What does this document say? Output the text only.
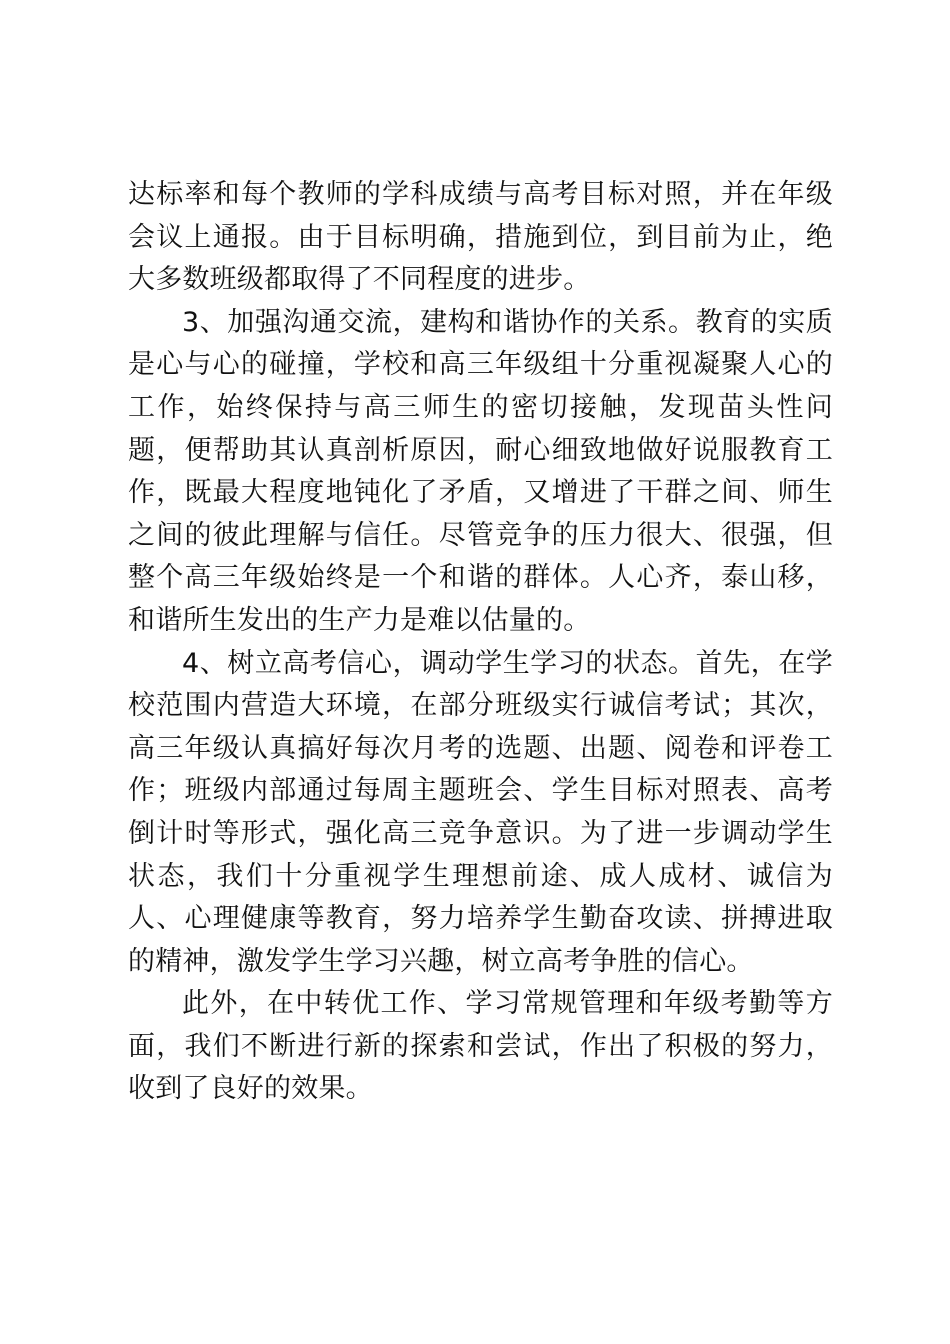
达标率和每个教师的学科成绩与高考目标对照，并在年级会议上通报。由于目标明确，措施到位，到目前为止，绝大多数班级都取得了不同程度的进步。

3、加强沟通交流，建构和谐协作的关系。教育的实质是心与心的碰撞，学校和高三年级组十分重视凝聚人心的工作，始终保持与高三师生的密切接触，发现苗头性问题，便帮助其认真剖析原因，耐心细致地做好说服教育工作，既最大程度地钝化了矛盾，又增进了干群之间、师生之间的彼此理解与信任。尽管竞争的压力很大、很强，但整个高三年级始终是一个和谐的群体。人心齐，泰山移，和谐所生发出的生产力是难以估量的。

4、树立高考信心，调动学生学习的状态。首先，在学校范围内营造大环境，在部分班级实行诚信考试；其次，高三年级认真搞好每次月考的选题、出题、阅卷和评卷工作；班级内部通过每周主题班会、学生目标对照表、高考倒计时等形式，强化高三竞争意识。为了进一步调动学生状态，我们十分重视学生理想前途、成人成材、诚信为人、心理健康等教育，努力培养学生勤奋攻读、拼搏进取的精神，激发学生学习兴趣，树立高考争胜的信心。

此外，在中转优工作、学习常规管理和年级考勤等方面，我们不断进行新的探索和尝试，作出了积极的努力，收到了良好的效果。
